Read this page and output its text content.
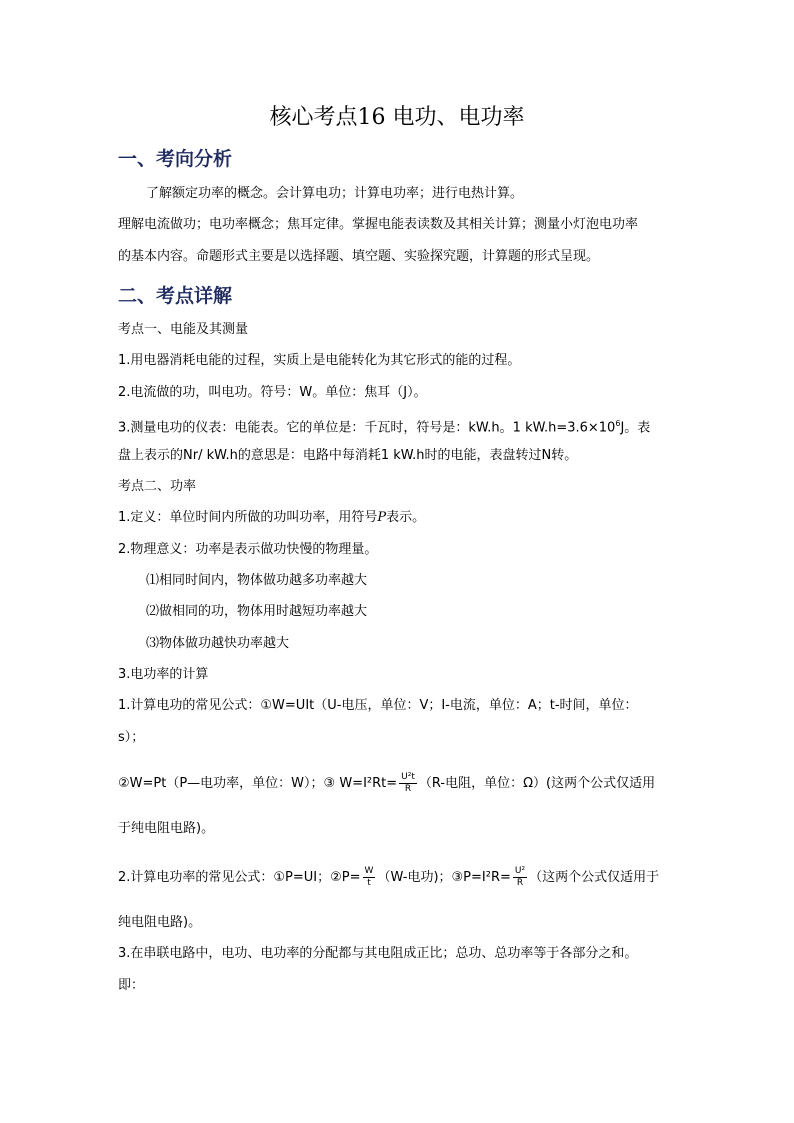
核心考点16 电功、电功率
一、考向分析
了解额定功率的概念。会计算电功；计算电功率；进行电热计算。
理解电流做功；电功率概念；焦耳定律。掌握电能表读数及其相关计算；测量小灯泡电功率
的基本内容。命题形式主要是以选择题、填空题、实验探究题，计算题的形式呈现。
二、考点详解
考点一、电能及其测量
1.用电器消耗电能的过程，实质上是电能转化为其它形式的能的过程。
2.电流做的功，叫电功。符号：W。单位：焦耳（J）。
3.测量电功的仪表：电能表。它的单位是：千瓦时，符号是：kW.h。1 $kW.h=3.6\times 10^6J$。表
盘上表示的Nr/ kW.h的意思是：电路中每消耗1 kW.h时的电能，表盘转过N转。
考点二、功率
1.定义：单位时间内所做的功叫功率，用符号P表示。
2.物理意义：功率是表示做功快慢的物理量。
⑴相同时间内，物体做功越多功率越大
⑵做相同的功，物体用时越短功率越大
⑶物体做功越快功率越大
3.电功率的计算
1.计算电功的常见公式：①W=UIt（U-电压，单位：V；I-电流，单位：A；t-时间，单位：
s）；
②W=Pt（P—电功率，单位：W）；③ $W=I^2Rt= \frac{\text{U²t}}{R} (R-$电阻，单位：Ω）(这两个公式仅适用
于纯电阻电路)。
2.计算电功率的常见公式：①P=UI；②P= $\frac{W}{t} (W-$电功)；③P=I²R= $\frac{\text{U²}}{R}$ （这两个公式仅适用于
纯电阻电路)。
3.在串联电路中，电功、电功率的分配都与其电阻成正比；总功、总功率等于各部分之和。
即：
